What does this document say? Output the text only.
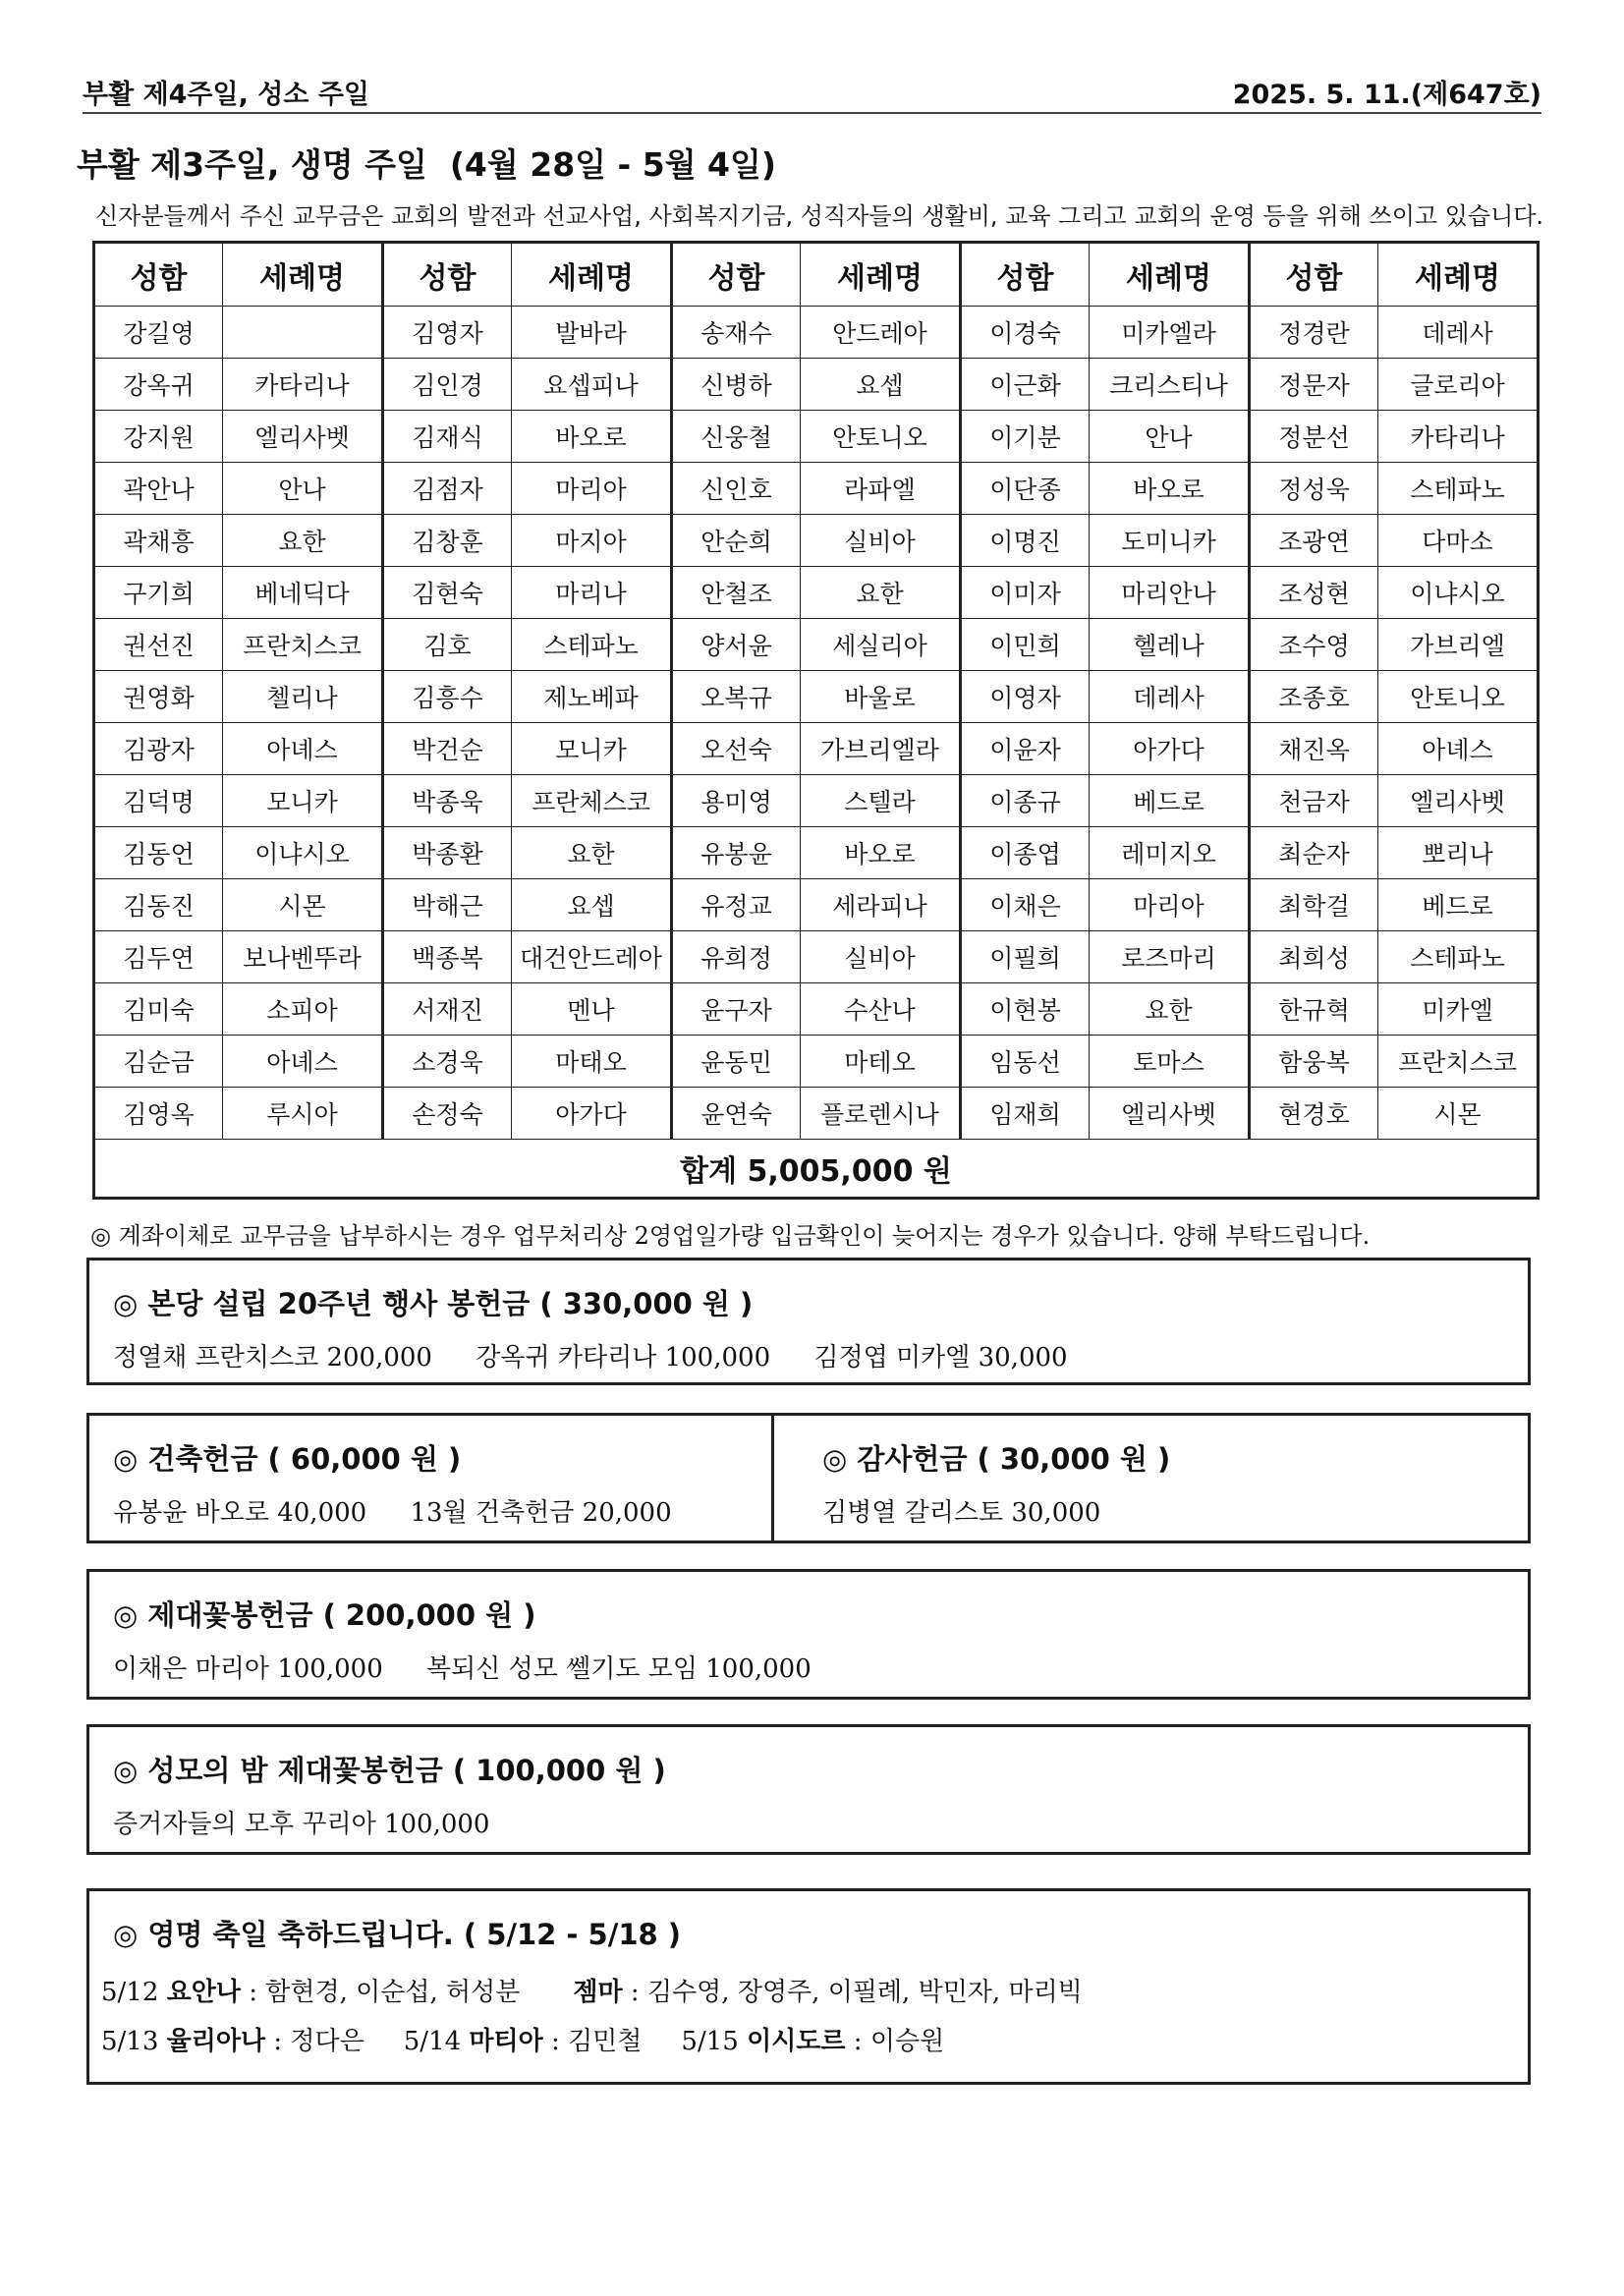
부활 제4주일, 성소 주일	2025. 5. 11.(제647호)
부활 제3주일, 생명 주일  (4월 28일 - 5월 4일)
신자분들께서 주신 교무금은 교회의 발전과 선교사업, 사회복지기금, 성직자들의 생활비, 교육 그리고 교회의 운영 등을 위해 쓰이고 있습니다.
성함	세례명	성함	세례명	성함	세례명	성함	세례명	성함	세례명
강길영		김영자	발바라	송재수	안드레아	이경숙	미카엘라	정경란	데레사
강옥귀	카타리나	김인경	요셉피나	신병하	요셉	이근화	크리스티나	정문자	글로리아
강지원	엘리사벳	김재식	바오로	신웅철	안토니오	이기분	안나	정분선	카타리나
곽안나	안나	김점자	마리아	신인호	라파엘	이단종	바오로	정성욱	스테파노
곽채흥	요한	김창훈	마지아	안순희	실비아	이명진	도미니카	조광연	다마소
구기희	베네딕다	김현숙	마리나	안철조	요한	이미자	마리안나	조성현	이냐시오
권선진	프란치스코	김호	스테파노	양서윤	세실리아	이민희	헬레나	조수영	가브리엘
권영화	첼리나	김흥수	제노베파	오복규	바울로	이영자	데레사	조종호	안토니오
김광자	아녜스	박건순	모니카	오선숙	가브리엘라	이윤자	아가다	채진옥	아녜스
김덕명	모니카	박종욱	프란체스코	용미영	스텔라	이종규	베드로	천금자	엘리사벳
김동언	이냐시오	박종환	요한	유봉윤	바오로	이종엽	레미지오	최순자	뽀리나
김동진	시몬	박해근	요셉	유정교	세라피나	이채은	마리아	최학걸	베드로
김두연	보나벤뚜라	백종복	대건안드레아	유희정	실비아	이필희	로즈마리	최희성	스테파노
김미숙	소피아	서재진	멘나	윤구자	수산나	이현봉	요한	한규혁	미카엘
김순금	아녜스	소경욱	마태오	윤동민	마테오	임동선	토마스	함웅복	프란치스코
김영옥	루시아	손정숙	아가다	윤연숙	플로렌시나	임재희	엘리사벳	현경호	시몬
합계 5,005,000 원									
◎ 계좌이체로 교무금을 납부하시는 경우 업무처리상 2영업일가량 입금확인이 늦어지는 경우가 있습니다. 양해 부탁드립니다.
◎ 본당 설립 20주년 행사 봉헌금 ( 330,000 원 )
정열채 프란치스코 200,000 강옥귀 카타리나 100,000 김정엽 미카엘 30,000
◎ 건축헌금 ( 60,000 원 )
유봉윤 바오로 40,000 13월 건축헌금 20,000
◎ 감사헌금 ( 30,000 원 )
김병열 갈리스토 30,000
◎ 제대꽃봉헌금 ( 200,000 원 )
이채은 마리아 100,000 복되신 성모 쎌기도 모임 100,000
◎ 성모의 밤 제대꽃봉헌금 ( 100,000 원 )
증거자들의 모후 꾸리아 100,000
◎ 영명 축일 축하드립니다. ( 5/12 - 5/18 )
5/12 요안나 : 함현경, 이순섭, 허성분 젬마 : 김수영, 장영주, 이필례, 박민자, 마리빅
5/13 율리아나 : 정다은 5/14 마티아 : 김민철 5/15 이시도르 : 이승원
